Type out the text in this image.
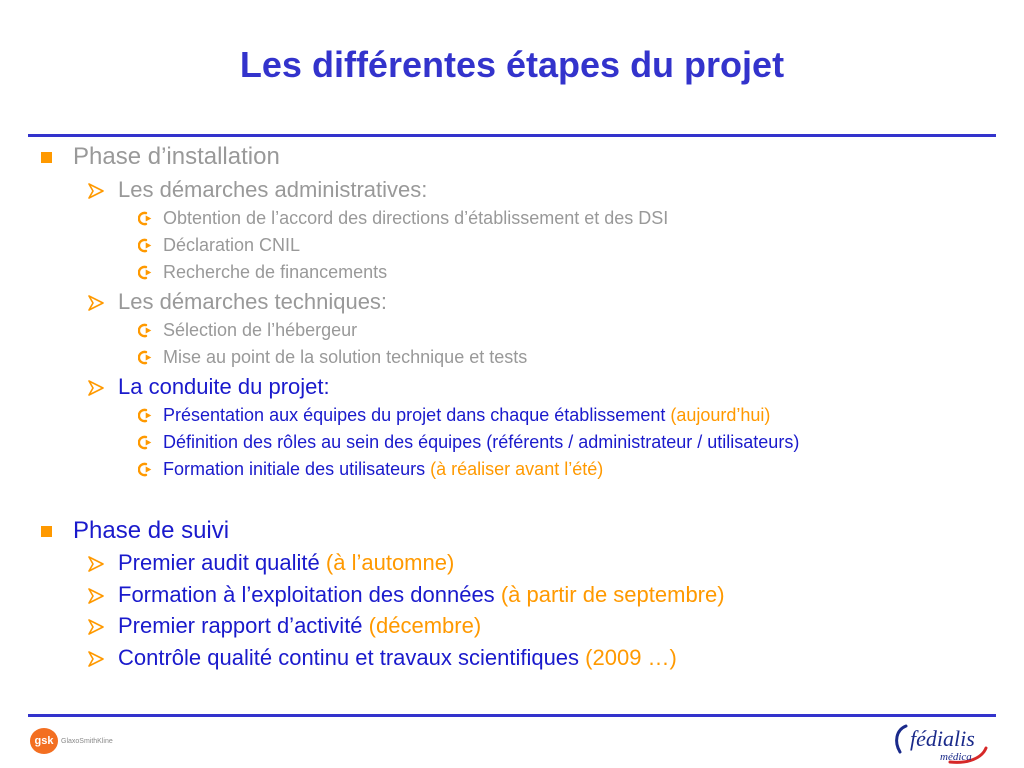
Les différentes étapes du projet
Phase d’installation
Les démarches administratives:
Obtention de l’accord des directions d’établissement et des DSI
Déclaration CNIL
Recherche de financements
Les démarches techniques:
Sélection de l’hébergeur
Mise au point de la solution technique et tests
La conduite du projet:
Présentation aux équipes du projet dans chaque établissement (aujourd’hui)
Définition des rôles au sein des équipes (référents / administrateur / utilisateurs)
Formation initiale des utilisateurs (à réaliser avant l’été)
Phase de suivi
Premier audit qualité (à l’automne)
Formation à l’exploitation des données (à partir de septembre)
Premier rapport d’activité (décembre)
Contrôle qualité continu et travaux scientifiques (2009 …)
gsk	GlaxoSmithKline	fédialis
médica
